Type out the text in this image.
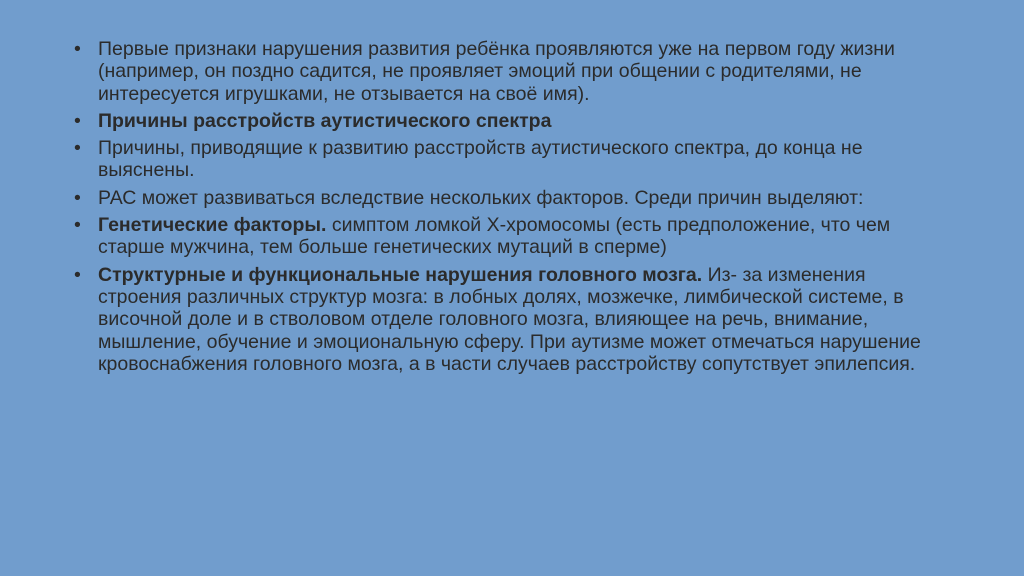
• Первые признаки нарушения развития ребёнка проявляются уже на первом году жизни (например, он поздно садится, не проявляет эмоций при общении с родителями, не интересуется игрушками, не отзывается на своё имя).
• Причины расстройств аутистического спектра
• Причины, приводящие к развитию расстройств аутистического спектра, до конца не выяснены.
• РАС может развиваться вследствие нескольких факторов. Среди причин выделяют:
• Генетические факторы. симптом ломкой Х-хромосомы (есть предположение, что чем старше мужчина, тем больше генетических мутаций в сперме)
• Структурные и функциональные нарушения головного мозга. Из- за изменения строения различных структур мозга: в лобных долях, мозжечке, лимбической системе, в височной доле и в стволовом отделе головного мозга, влияющее на речь, внимание, мышление, обучение и эмоциональную сферу. При аутизме может отмечаться нарушение кровоснабжения головного мозга, а в части случаев расстройству сопутствует эпилепсия.
